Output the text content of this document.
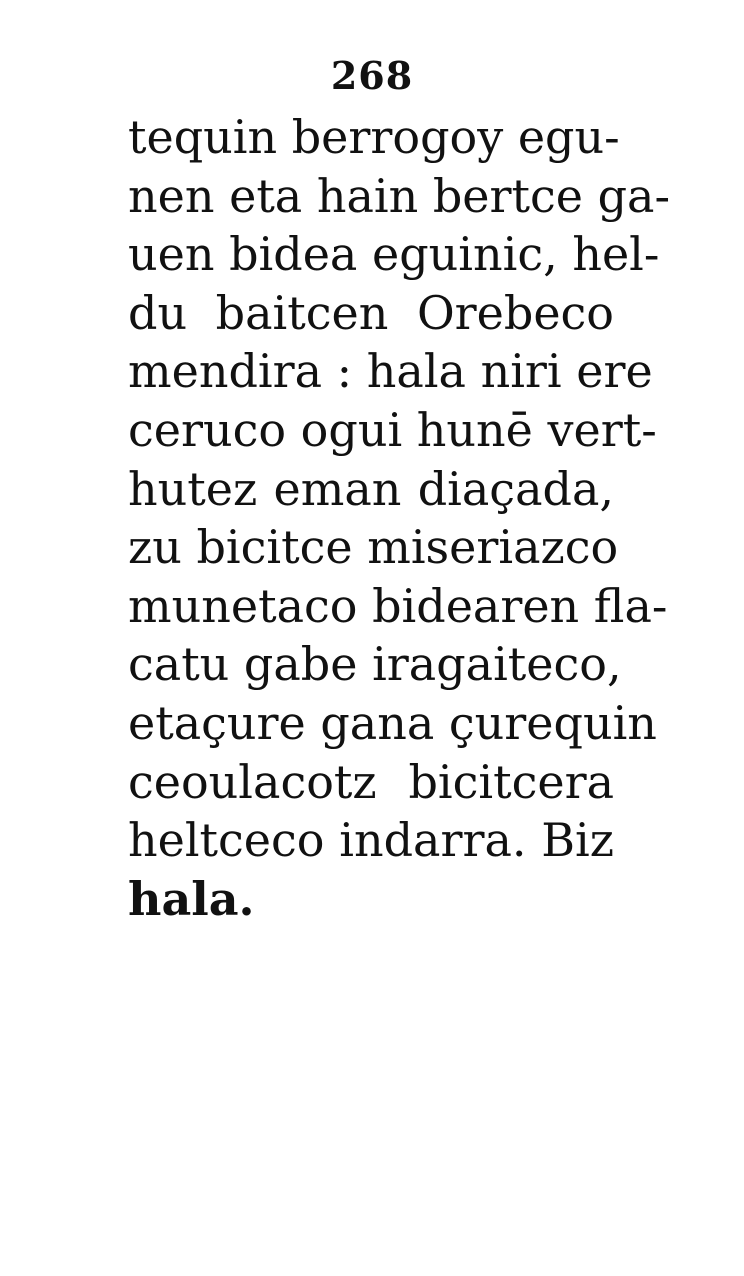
268
tequin berrogoy egu-
nen eta hain bertce ga-
uen bidea eguinic, hel-
du baitcen Orebeco
mendira : hala niri ere
ceruco ogui hunē vert-
hutez eman diaçada,
zu bicitce miseriazco
munetaco bidearen fla-
catu gabe iragaiteco,
etaçure gana çurequin
ceoulacotz bicitcera
heltceco indarra. Biz
hala.
